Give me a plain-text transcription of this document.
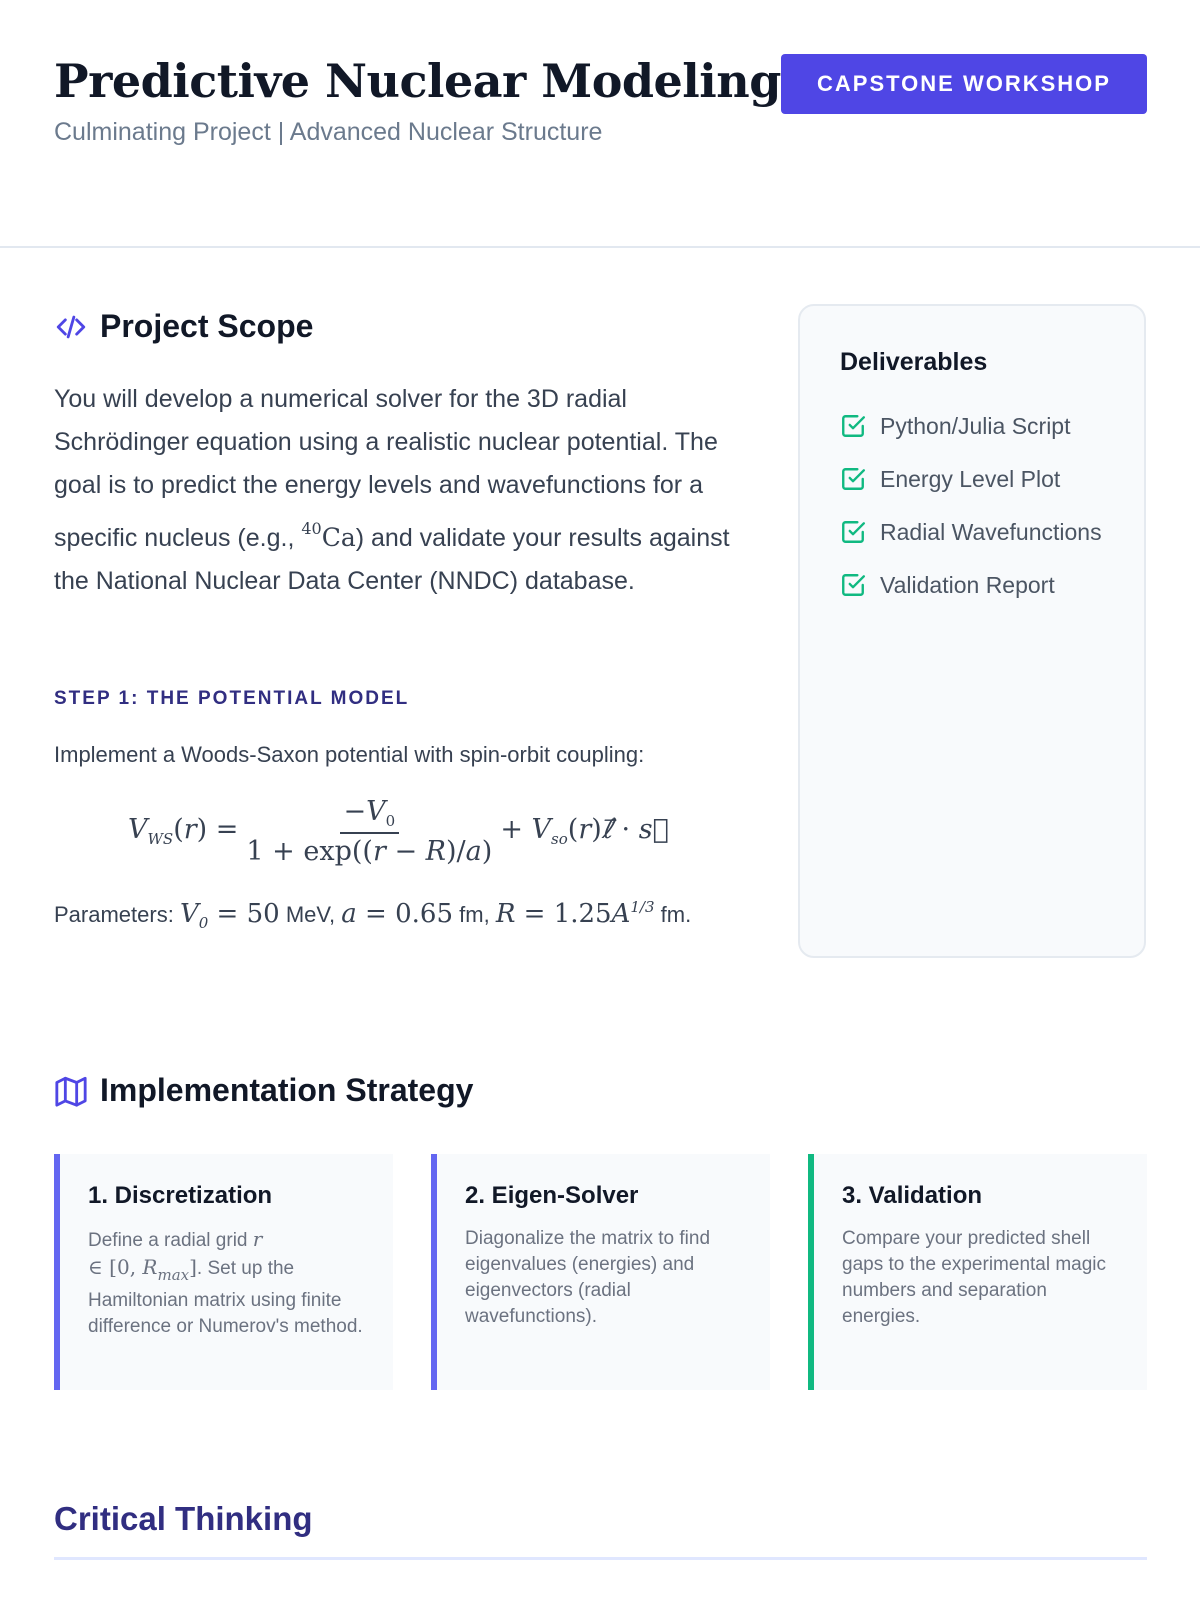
Predictive Nuclear Modeling
Culminating Project | Advanced Nuclear Structure
CAPSTONE WORKSHOP
Project Scope
You will develop a numerical solver for the 3D radial Schrödinger equation using a realistic nuclear potential. The goal is to predict the energy levels and wavefunctions for a specific nucleus (e.g., $^{40}$Ca) and validate your results against the National Nuclear Data Center (NNDC) database.
STEP 1: THE POTENTIAL MODEL
Implement a Woods-Saxon potential with spin-orbit coupling:
$V_{WS}(r) = \frac{-V_0}{1 + \exp((r - R)/a)}$ + $V_{so}(r)\ell⃗$ · s⃗
Parameters: $V_0 = 50$ MeV, a = 0.65 fm, $R = 1.25A^{1/3}$ fm.
Deliverables
Python/Julia Script
Energy Level Plot
Radial Wavefunctions
Validation Report
Implementation Strategy
1. Discretization
Define a radial grid r
∈ [0, $R_{max}$]. Set up the Hamiltonian matrix using finite difference or Numerov's method.
2. Eigen-Solver
Diagonalize the matrix to find eigenvalues (energies) and eigenvectors (radial wavefunctions).
3. Validation
Compare your predicted shell gaps to the experimental magic numbers and separation energies.
Critical Thinking
